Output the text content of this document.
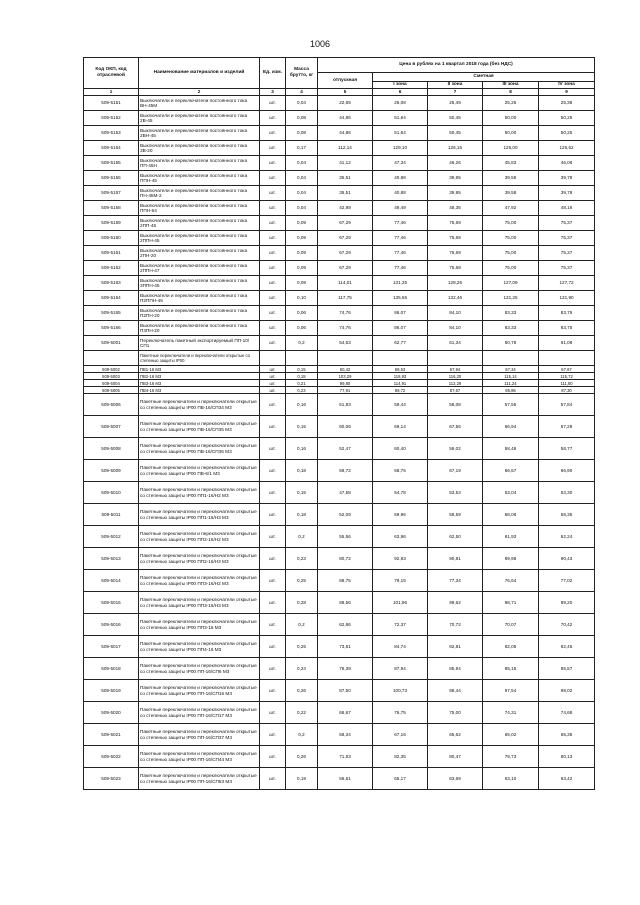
1006
Код ОКП, код отраслевой	Наименование материалов и изделий	Ед. изм.	Масса брутто, кг	Цена в рублях на 1 квартал 2018 года (без НДС)				
				отпускная	Сметная			
					I зона	II зона	III зона	IV зона
1	2	3	4	5	6	7	8	9
509-5151	Выключатели и переключатели постоянного тока ВН-45М	шт.	0,04	22,65	26,08	25,49	25,25	25,38
509-5152	Выключатели и переключатели постоянного тока 2В-45	шт.	0,08	44,86	51,64	50,45	50,00	50,25
509-5153	Выключатели и переключатели постоянного тока 2ВН-45	шт.	0,08	44,86	51,64	50,45	50,00	50,25
509-5154	Выключатели и переключатели постоянного тока 3В-20	шт.	0,17	112,14	129,10	126,15	125,00	125,62
509-5155	Выключатели и переключатели постоянного тока ПП-45Н	шт.	0,04	41,12	47,34	46,26	45,83	46,06
509-5156	Выключатели и переключатели постоянного тока ППН-45	шт.	0,04	35,51	40,88	39,95	39,58	39,78
509-5157	Выключатели и переключатели постоянного тока ПН-45М-2	шт.	0,04	35,51	40,88	39,95	39,58	39,78
509-5158	Выключатели и переключатели постоянного тока ППН-64	шт.	0,04	42,99	49,49	48,36	47,92	48,16
509-5159	Выключатели и переключатели постоянного тока 2ПП-45	шт.	0,09	67,29	77,46	75,69	75,00	75,37
509-5160	Выключатели и переключатели постоянного тока 2ППН-45	шт.	0,09	67,29	77,46	75,69	75,00	75,37
509-5161	Выключатели и переключатели постоянного тока 2ПН-20	шт.	0,09	67,29	77,46	75,69	75,00	75,37
509-5162	Выключатели и переключатели постоянного тока 2ППН-47	шт.	0,09	67,29	77,46	75,69	75,00	75,37
509-5163	Выключатели и переключатели постоянного тока 3ППН-45	шт.	0,09	114,01	131,25	128,26	127,09	127,72
509-5164	Выключатели и переключатели постоянного тока П2ППН-45	шт.	0,10	117,75	135,55	132,46	131,25	131,90
509-5165	Выключатели и переключатели постоянного тока П2ПН-20	шт.	0,06	74,76	86,07	84,10	83,33	83,75
509-5166	Выключатели и переключатели постоянного тока П3ПН-20	шт.	0,06	74,76	86,07	84,10	83,33	83,75
509-5001	Переключатель пакетный экспортируемый ПП-10/СП1	шт.	0,2	54,53	62,77	61,34	60,78	61,08
	Пакетные переключатели и переключатели открытые со степенью защиты IP00							
509-5002	ПВ1-16 М3	шт.	0,15	60,42	69,53	67,94	67,34	67,67
509-5003	ПВ2-16 М3	шт.	0,18	103,29	118,93	116,20	115,14	115,72
509-5004	ПВ3-16 М3	шт.	0,21	99,80	114,91	112,29	111,24	111,80
509-5005	ПВ4-16 М3	шт.	0,23	77,91	89,72	87,67	86,86	87,30
509-5006	Пакетные переключатели и переключатели открытые со степенью защиты IP00 ПВ-16/СП34 М3	шт.	0,16	51,83	59,44	58,08	57,55	57,84
509-5007	Пакетные переключатели и переключатели открытые со степенью защиты IP00 ПВ-16/СП35 М3	шт.	0,15	60,06	69,14	67,56	66,94	67,28
509-5008	Пакетные переключатели и переключатели открытые со степенью защиты IP00 ПВ-16/СП36 М3	шт.	0,16	52,47	60,40	59,02	58,48	58,77
509-5009	Пакетные переключатели и переключатели открытые со степенью защиты IP00 ПВ-6/1 М3	шт.	0,18	59,72	68,75	67,19	66,57	66,90
509-5010	Пакетные переключатели и переключатели открытые со степенью защиты IP00 ПП1-16/Н2 М3	шт.	0,15	47,58	54,78	53,53	53,04	53,30
509-5011	Пакетные переключатели и переключатели открытые со степенью защиты IP00 ПП1-16/Н3 М3	шт.	0,18	52,09	59,96	58,59	58,06	58,35
509-5012	Пакетные переключатели и переключатели открытые со степенью защиты IP00 ПП2-16/Н2 М3	шт.	0,2	55,56	63,96	62,50	61,93	62,24
509-5013	Пакетные переключатели и переключатели открытые со степенью защиты IP00 ПП2-16/Н3 М3	шт.	0,23	80,72	92,93	90,81	89,98	90,43
509-5014	Пакетные переключатели и переключатели открытые со степенью защиты IP00 ПП3-16/Н2 М3	шт.	0,25	68,75	79,15	77,34	76,64	77,02
509-5015	Пакетные переключатели и переключатели открытые со степенью защиты IP00 ПП3-16/Н3 М3	шт.	0,28	88,56	101,96	99,62	98,71	99,20
509-5016	Пакетные переключатели и переключатели открытые со степенью защиты IP00 ПП3-16 М3	шт.	0,2	62,86	72,37	70,72	70,07	70,42
509-5017	Пакетные переключатели и переключатели открытые со степенью защиты IP00 ПП4-16 М3	шт.	0,25	73,61	84,74	82,81	82,05	82,46
509-5018	Пакетные переключатели и переключатели открытые со степенью защиты IP00 ПП-16/СП6 М3	шт.	0,24	76,39	87,94	85,94	85,15	85,57
509-5019	Пакетные переключатели и переключатели открытые со степенью защиты IP00 ПП-16/СП16 М3	шт.	0,26	87,50	100,73	98,44	97,54	98,02
509-5020	Пакетные переключатели и переключатели открытые со степенью защиты IP00 ПП-16/СП17 М3	шт.	0,22	66,67	76,75	75,00	74,31	74,68
509-5021	Пакетные переключатели и переключатели открытые со степенью защиты IP00 ПП-16/СП37 М3	шт.	0,2	58,34	67,16	65,62	65,02	65,35
509-5022	Пакетные переключатели и переключатели открытые со степенью защиты IP00 ПП-16/СП44 М3	шт.	0,26	71,53	82,35	80,47	79,73	80,13
509-5023	Пакетные переключатели и переключатели открытые со степенью защиты IP00 ПП-16/СП53 М3	шт.	0,19	56,61	65,17	63,69	63,10	63,42
